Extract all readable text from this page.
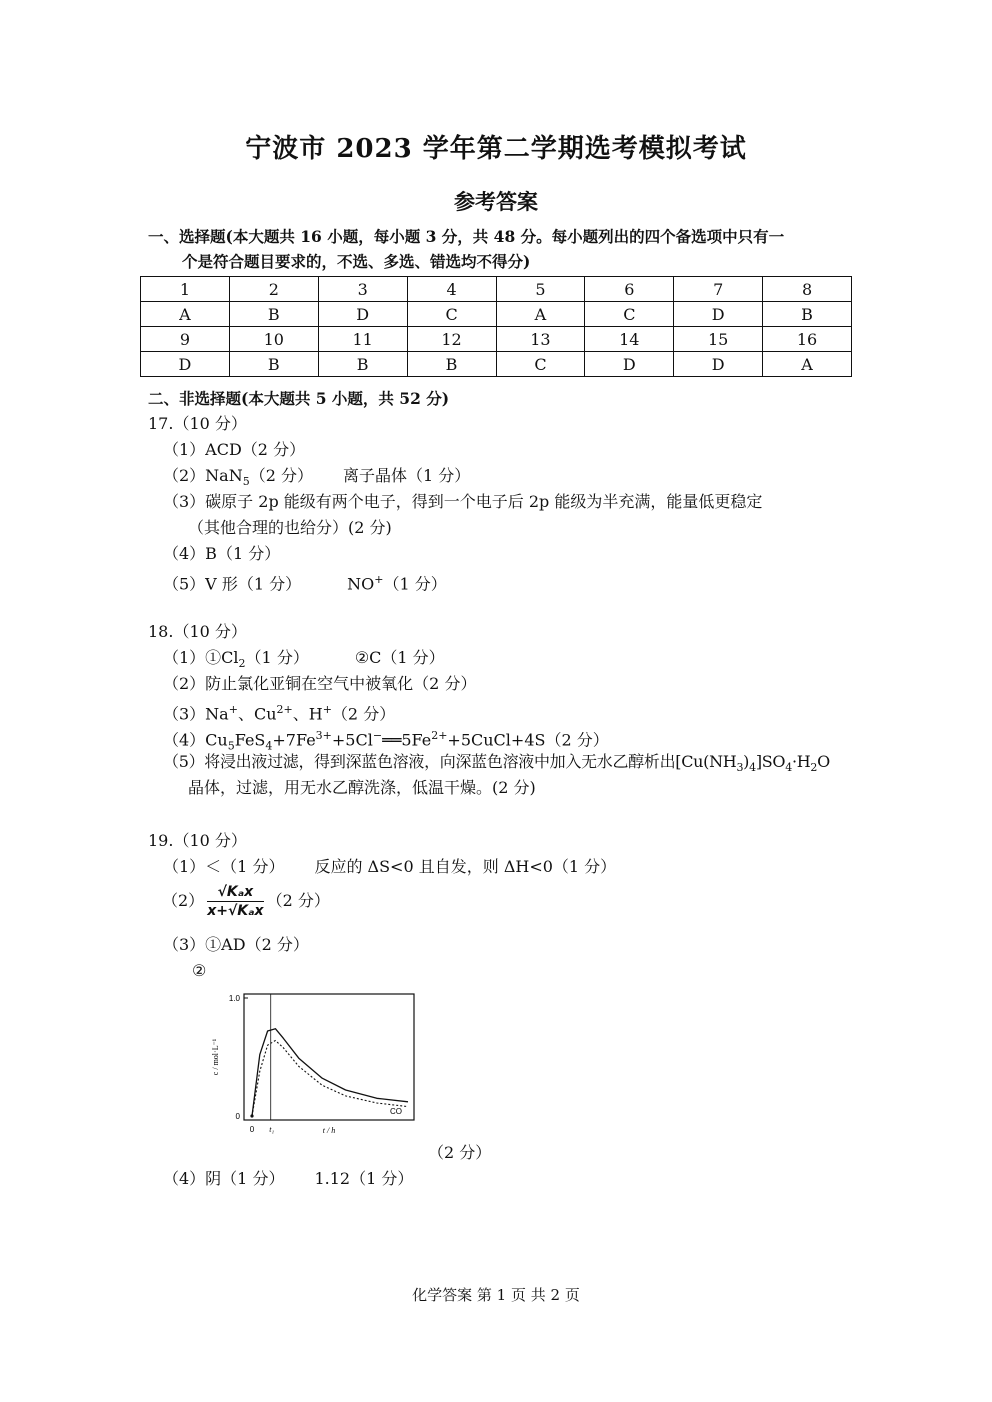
宁波市 2023 学年第二学期选考模拟考试
参考答案
一、选择题(本大题共 16 小题，每小题 3 分，共 48 分。每小题列出的四个备选项中只有一
个是符合题目要求的，不选、多选、错选均不得分)
1	2	3	4	5	6	7	8
A	B	D	C	A	C	D	B
9	10	11	12	13	14	15	16
D	B	B	B	C	D	D	A
二、非选择题(本大题共 5 小题，共 52 分)
17.（10 分）
（1）ACD（2 分）
（2）NaN$_5$（2 分） 离子晶体（1 分）
（3）碳原子 2p 能级有两个电子，得到一个电子后 2p 能级为半充满，能量低更稳定
（其他合理的也给分）(2 分)
（4）B（1 分）
（5）V 形（1 分）	NO+（1 分）
18.（10 分）
$(1)①Cl_2(1$ 分）	②C（1 分）
（2）防止氯化亚铜在空气中被氧化（2 分）
（3）Na+、$Cu^{2+}$、H+（2 分）
$(4)Cu_5FeS_4+7Fe^{3+}+5Cl^-══5Fe^{2+}+5CuCl+4S(2$ 分）
（5）将浸出液过滤，得到深蓝色溶液，向深蓝色溶液中加入无水乙醇析出$[Cu(NH_3)_4]SO_4\cdot H_2O$
晶体，过滤，用无水乙醇洗涤，低温干燥。(2 分)
19.（10 分）
（1）＜（1 分） 反应的 ΔS<0 且自发，则 ΔH<0（1 分）
$(2) \frac{\text{√Kₐx}}{\text{x+√Kₐx}} (2$ 分）
（3）①AD（2 分）
②
1.0
0
0 t₁	t / h
c / mol·L⁻¹
CO
（2 分）
（4）阴（1 分） 1.12（1 分）
化学答案 第 1 页 共 2 页
